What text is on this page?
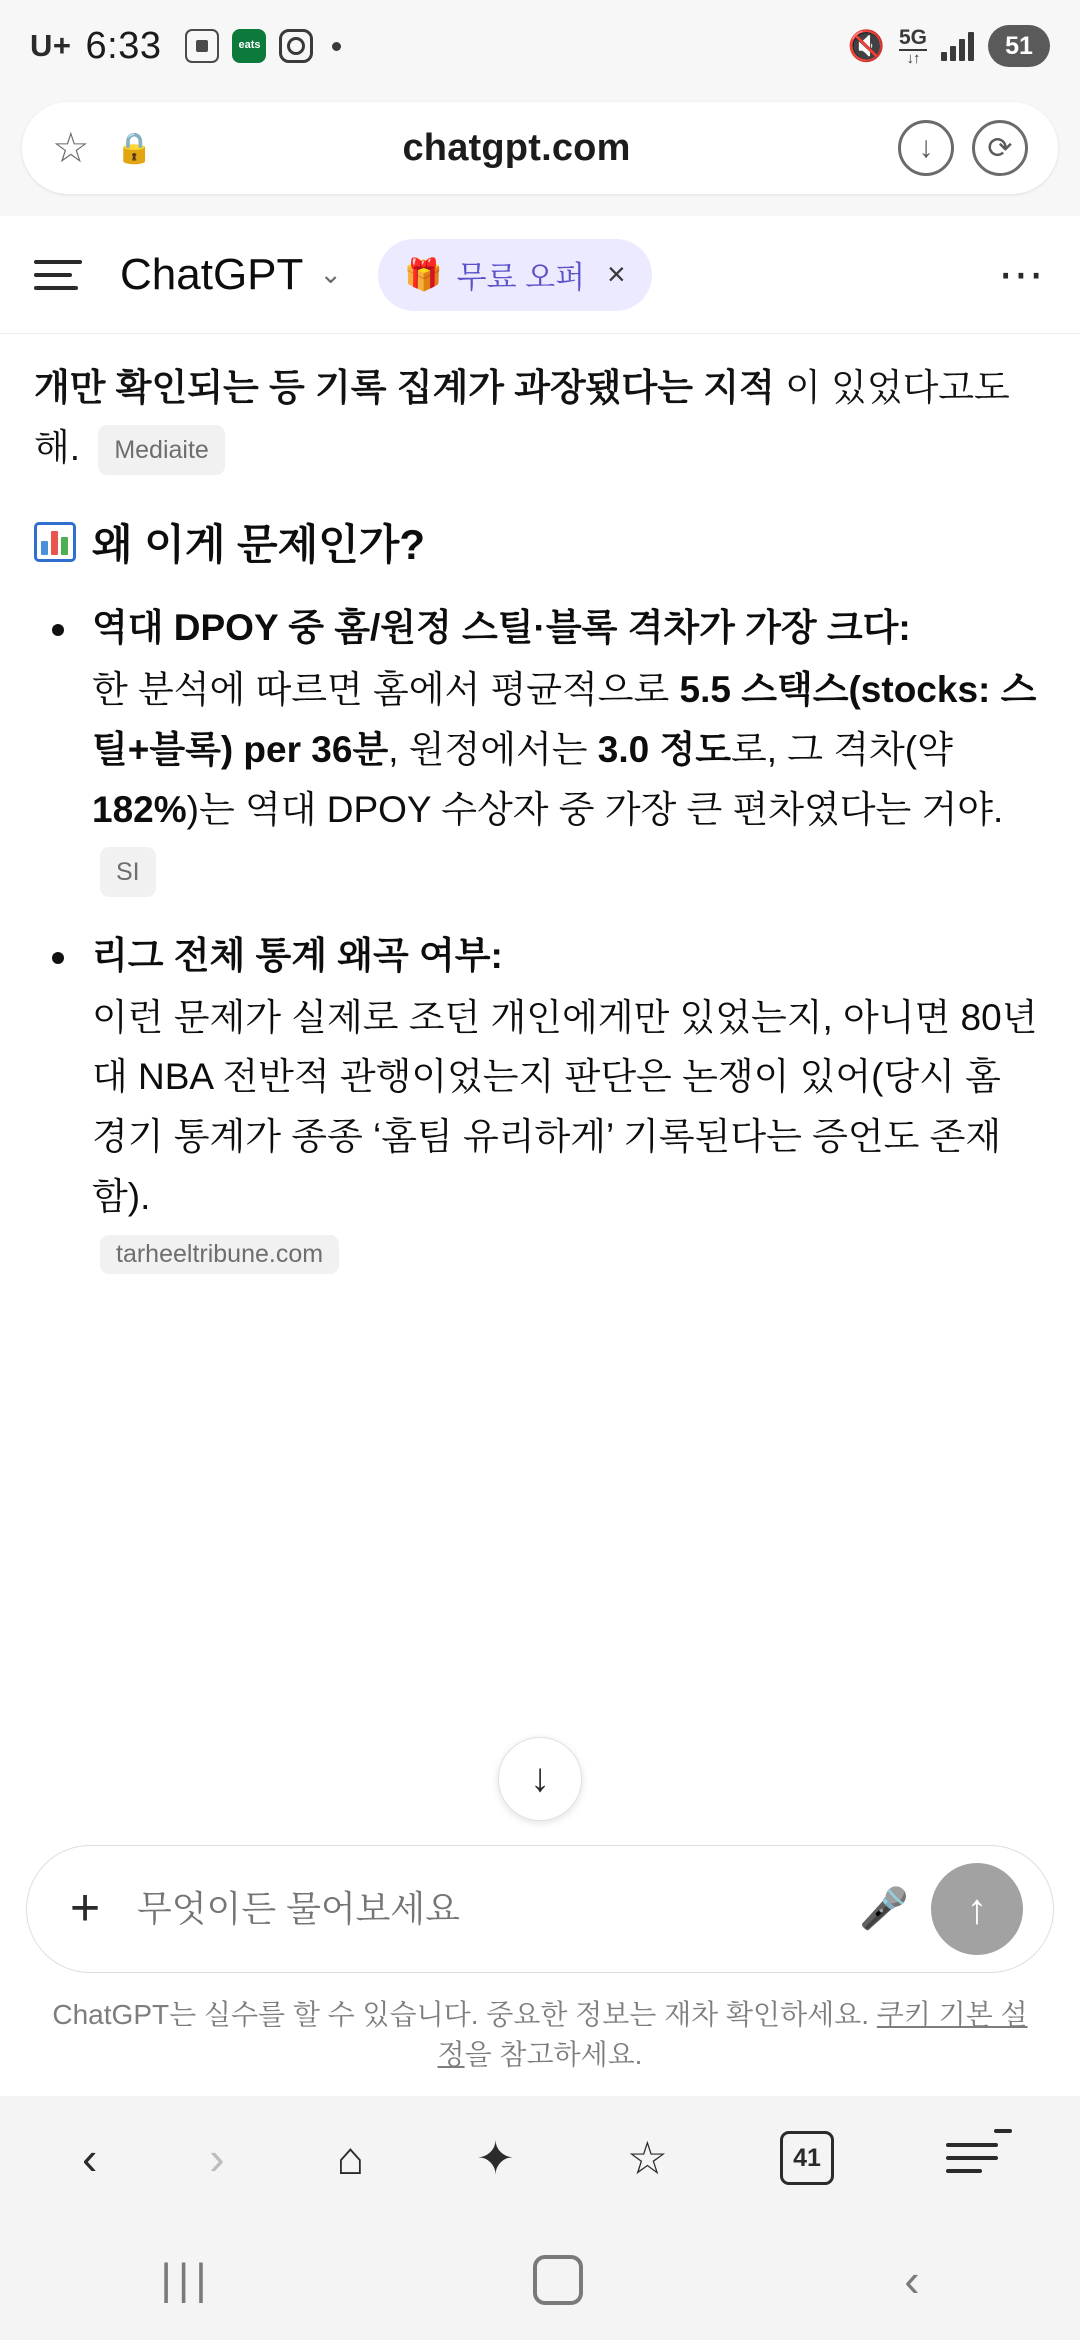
U+ 6:33	eats	🔇 5G
↓↑	51
☆ 🔒	chatgpt.com	↓	⟳
ChatGPT ⌄ 🎁 무료 오퍼 ×	⋯

개만 확인되는 등 기록 집계가 과장됐다는 지적 이 있었다고도 해. Mediaite

왜 이게 문제인가?
역대 DPOY 중 홈/원정 스틸·블록 격차가 가장 크다:
한 분석에 따르면 홈에서 평균적으로 5.5 스택스(stocks: 스틸+블록) per 36분, 원정에서는 3.0 정도로, 그 격차(약 182%)는 역대 DPOY 수상자 중 가장 큰 편차였다는 거야.SI
리그 전체 통계 왜곡 여부:
이런 문제가 실제로 조던 개인에게만 있었는지, 아니면 80년대 NBA 전반적 관행이었는지 판단은 논쟁이 있어(당시 홈 경기 통계가 종종 ‘홈팀 유리하게’ 기록된다는 증언도 존재함).
tarheeltribune.com
↓
+
무엇이든 물어보세요	🎤	↑
ChatGPT는 실수를 할 수 있습니다. 중요한 정보는 재차 확인하세요. 쿠키 기본 설정을 참고하세요.
‹ › ⌂ ✦ ☆	41
|||	‹
